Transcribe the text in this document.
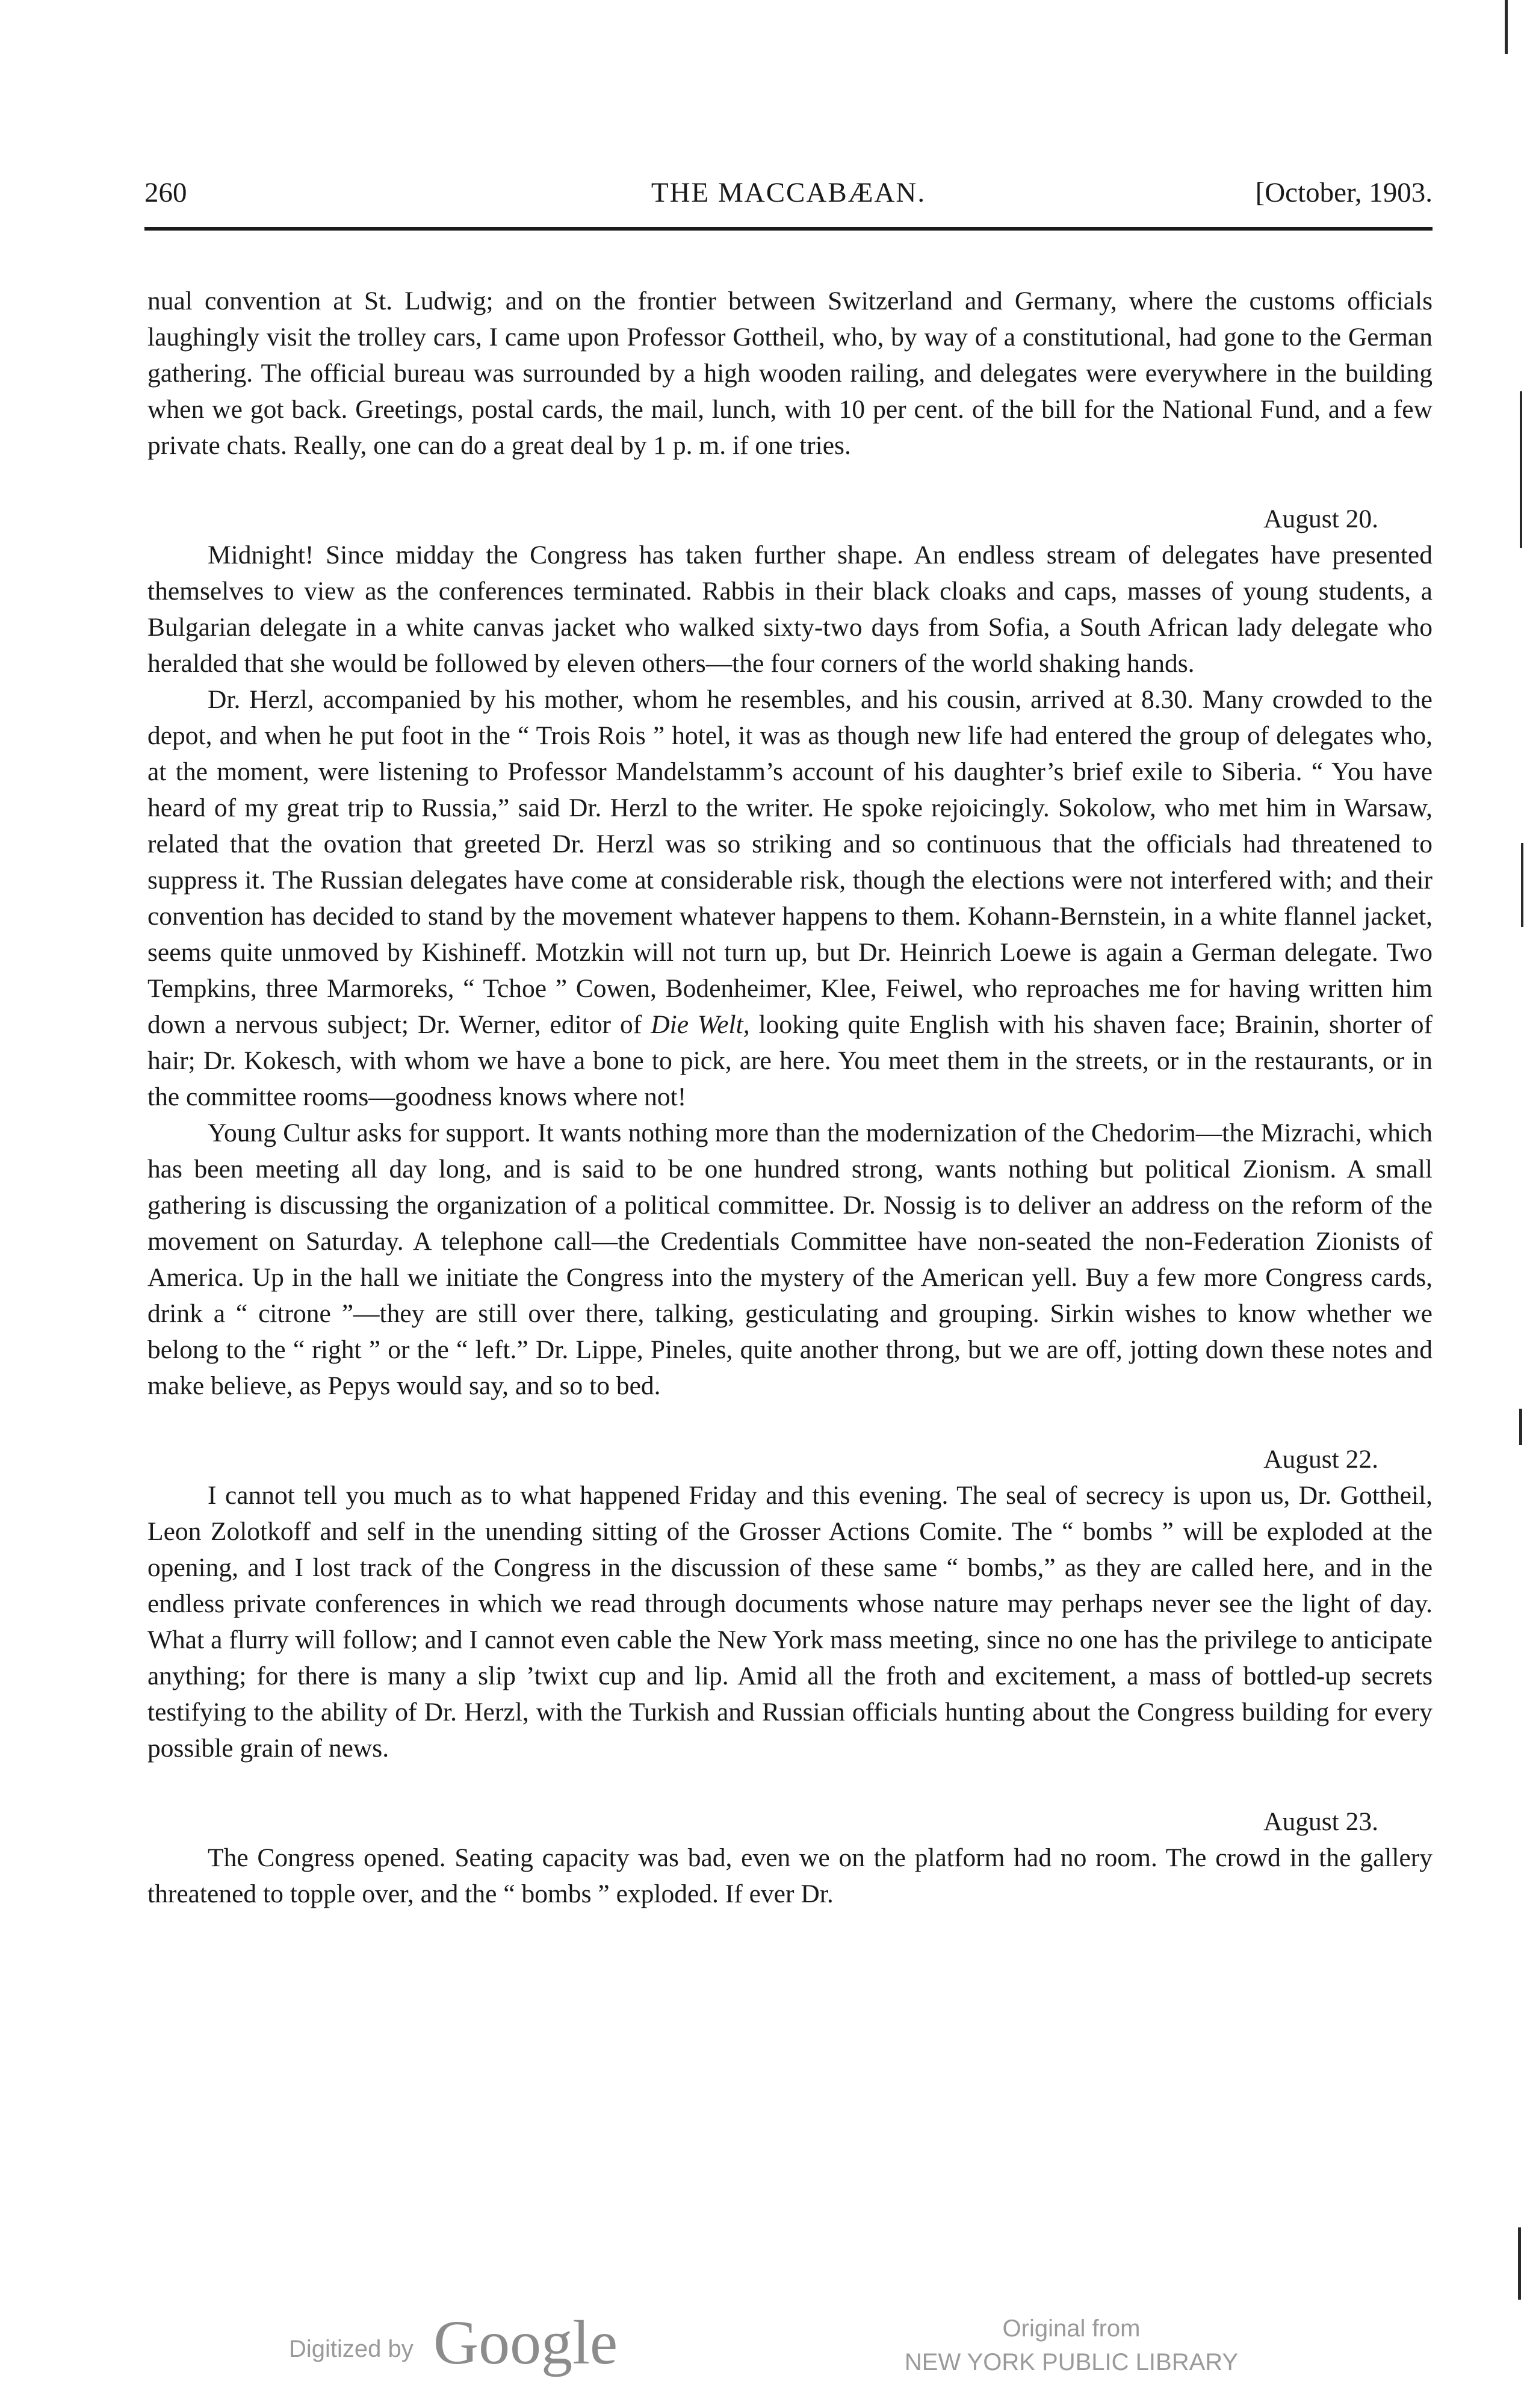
260	THE MACCABÆAN.	[October, 1903.

nual convention at St. Ludwig; and on the frontier between Switzerland and Germany, where the customs officials laughingly visit the trolley cars, I came upon Professor Gottheil, who, by way of a constitutional, had gone to the German gathering. The official bureau was surrounded by a high wooden railing, and delegates were everywhere in the building when we got back. Greetings, postal cards, the mail, lunch, with 10 per cent. of the bill for the National Fund, and a few private chats. Really, one can do a great deal by 1 p. m. if one tries.

August 20.

Midnight! Since midday the Congress has taken further shape. An endless stream of delegates have presented themselves to view as the conferences terminated. Rabbis in their black cloaks and caps, masses of young students, a Bulgarian delegate in a white canvas jacket who walked sixty-two days from Sofia, a South African lady delegate who heralded that she would be followed by eleven others—the four corners of the world shaking hands.

Dr. Herzl, accompanied by his mother, whom he resembles, and his cousin, arrived at 8.30. Many crowded to the depot, and when he put foot in the “ Trois Rois ” hotel, it was as though new life had entered the group of delegates who, at the moment, were listening to Professor Mandelstamm’s account of his daughter’s brief exile to Siberia. “ You have heard of my great trip to Russia,” said Dr. Herzl to the writer. He spoke rejoicingly. Sokolow, who met him in Warsaw, related that the ovation that greeted Dr. Herzl was so striking and so continuous that the officials had threatened to suppress it. The Russian delegates have come at considerable risk, though the elections were not interfered with; and their convention has decided to stand by the movement whatever happens to them. Kohann-Bernstein, in a white flannel jacket, seems quite unmoved by Kishineff. Motzkin will not turn up, but Dr. Heinrich Loewe is again a German delegate. Two Tempkins, three Marmoreks, “ Tchoe ” Cowen, Bodenheimer, Klee, Feiwel, who reproaches me for having written him down a nervous subject; Dr. Werner, editor of Die Welt, looking quite English with his shaven face; Brainin, shorter of hair; Dr. Kokesch, with whom we have a bone to pick, are here. You meet them in the streets, or in the restaurants, or in the committee rooms—goodness knows where not!

Young Cultur asks for support. It wants nothing more than the modernization of the Chedorim—the Mizrachi, which has been meeting all day long, and is said to be one hundred strong, wants nothing but political Zionism. A small gathering is discussing the organization of a political committee. Dr. Nossig is to deliver an address on the reform of the movement on Saturday. A telephone call—the Credentials Committee have non-seated the non-Federation Zionists of America. Up in the hall we initiate the Congress into the mystery of the American yell. Buy a few more Congress cards, drink a “ citrone ”—they are still over there, talking, gesticulating and grouping. Sirkin wishes to know whether we belong to the “ right ” or the “ left.” Dr. Lippe, Pineles, quite another throng, but we are off, jotting down these notes and make believe, as Pepys would say, and so to bed.

August 22.

I cannot tell you much as to what happened Friday and this evening. The seal of secrecy is upon us, Dr. Gottheil, Leon Zolotkoff and self in the unending sitting of the Grosser Actions Comite. The “ bombs ” will be exploded at the opening, and I lost track of the Congress in the discussion of these same “ bombs,” as they are called here, and in the endless private conferences in which we read through documents whose nature may perhaps never see the light of day. What a flurry will follow; and I cannot even cable the New York mass meeting, since no one has the privilege to anticipate anything; for there is many a slip ’twixt cup and lip. Amid all the froth and excitement, a mass of bottled-up secrets testifying to the ability of Dr. Herzl, with the Turkish and Russian officials hunting about the Congress building for every possible grain of news.

August 23.

The Congress opened. Seating capacity was bad, even we on the platform had no room. The crowd in the gallery threatened to topple over, and the “ bombs ” exploded. If ever Dr.

Digitized by Google	Original from
NEW YORK PUBLIC LIBRARY
